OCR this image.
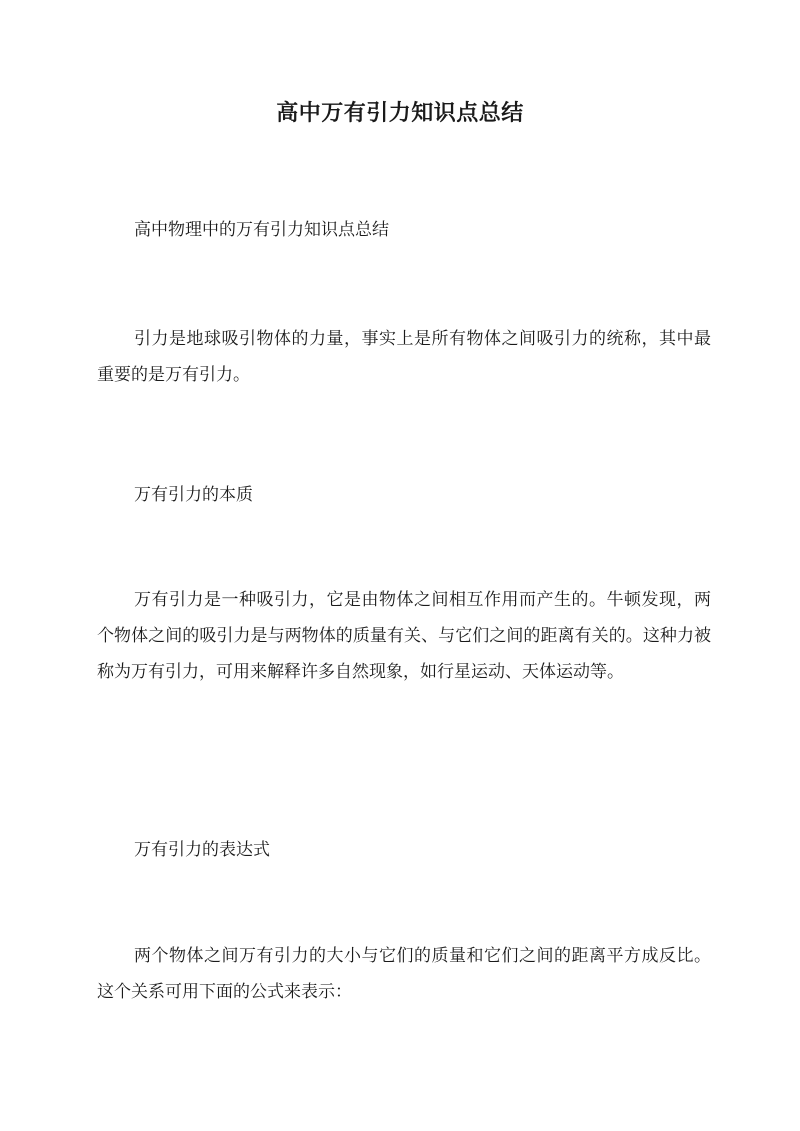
高中万有引力知识点总结

高中物理中的万有引力知识点总结

引力是地球吸引物体的力量，事实上是所有物体之间吸引力的统称，其中最重要的是万有引力。

万有引力的本质

万有引力是一种吸引力，它是由物体之间相互作用而产生的。牛顿发现，两个物体之间的吸引力是与两物体的质量有关、与它们之间的距离有关的。这种力被称为万有引力，可用来解释许多自然现象，如行星运动、天体运动等。

万有引力的表达式

两个物体之间万有引力的大小与它们的质量和它们之间的距离平方成反比。这个关系可用下面的公式来表示：
